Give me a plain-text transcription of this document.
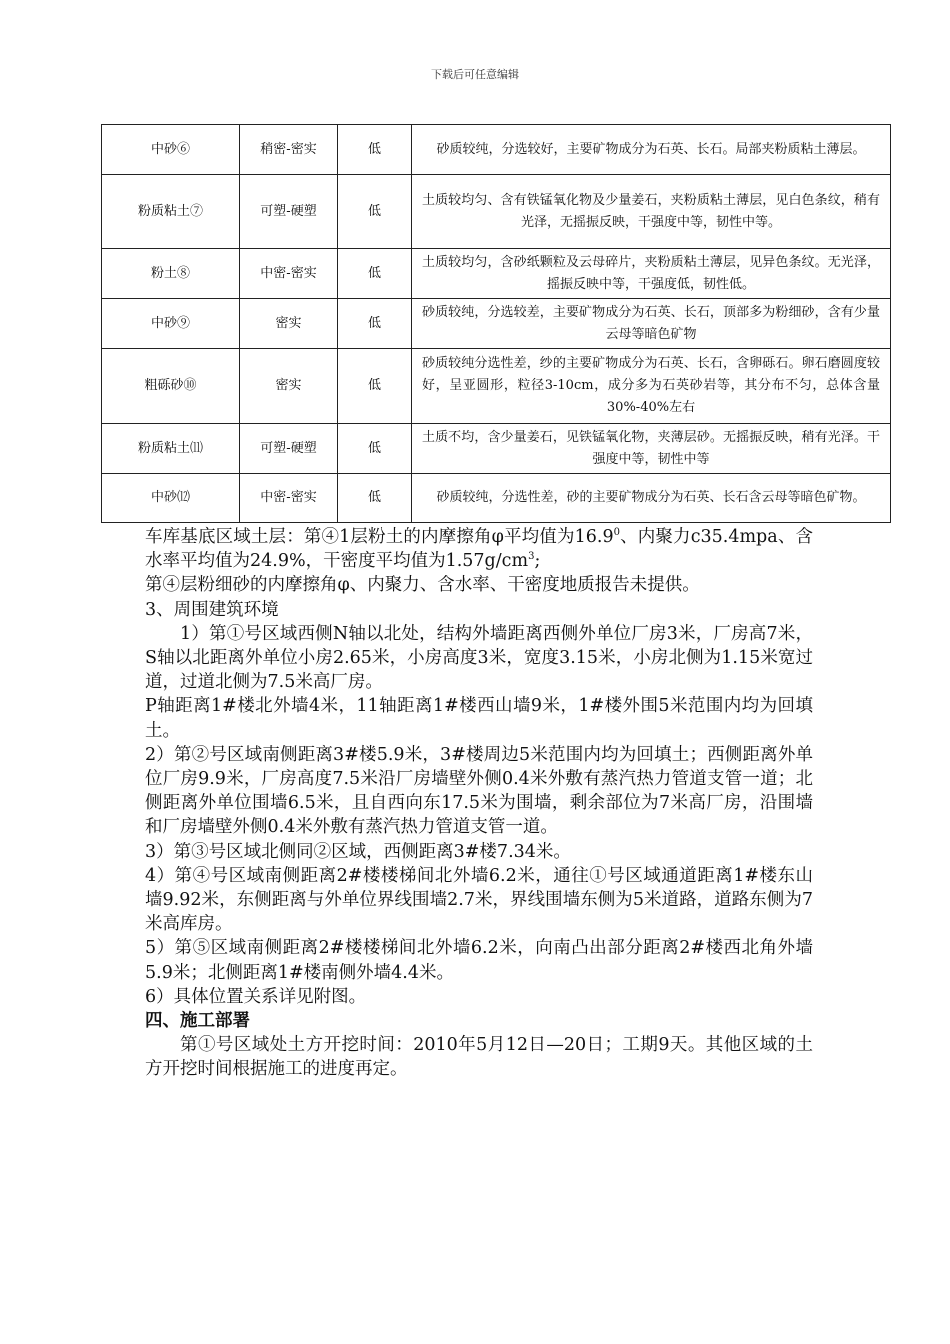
下载后可任意编辑
中砂⑥	稍密-密实	低	砂质较纯，分选较好，主要矿物成分为石英、长石。局部夹粉质粘土薄层。
粉质粘土⑦	可塑-硬塑	低	土质较均匀、含有铁锰氧化物及少量姜石，夹粉质粘土薄层，见白色条纹，稍有光泽，无摇振反映，干强度中等，韧性中等。
粉土⑧	中密-密实	低	土质较均匀，含砂纸颗粒及云母碎片，夹粉质粘土薄层，见异色条纹。无光泽，摇振反映中等，干强度低，韧性低。
中砂⑨	密实	低	砂质较纯，分选较差，主要矿物成分为石英、长石，顶部多为粉细砂，含有少量云母等暗色矿物
粗砾砂⑩	密实	低	砂质较纯分选性差，纱的主要矿物成分为石英、长石，含卵砾石。卵石磨圆度较好，呈亚圆形，粒径3-10cm，成分多为石英砂岩等，其分布不匀，总体含量30%-40%左右
粉质粘土⑾	可塑-硬塑	低	土质不均，含少量姜石，见铁锰氧化物，夹薄层砂。无摇振反映，稍有光泽。干强度中等，韧性中等
中砂⑿	中密-密实	低	砂质较纯，分选性差，砂的主要矿物成分为石英、长石含云母等暗色矿物。

车库基底区域土层：第④1层粉土的内摩擦角φ平均值为16.9$^0$、内聚力c35.4mpa、含水率平均值为24.9%，干密度平均值为$1.57g/cm^3$;

第④层粉细砂的内摩擦角φ、内聚力、含水率、干密度地质报告未提供。

3、周围建筑环境

1）第①号区域西侧N轴以北处，结构外墙距离西侧外单位厂房3米，厂房高7米，S轴以北距离外单位小房2.65米，小房高度3米，宽度3.15米，小房北侧为1.15米宽过道，过道北侧为7.5米高厂房。

P轴距离1#楼北外墙4米，11轴距离1#楼西山墙9米，1#楼外围5米范围内均为回填土。

2）第②号区域南侧距离3#楼5.9米，3#楼周边5米范围内均为回填土；西侧距离外单位厂房9.9米，厂房高度7.5米沿厂房墙壁外侧0.4米外敷有蒸汽热力管道支管一道；北侧距离外单位围墙6.5米，且自西向东17.5米为围墙，剩余部位为7米高厂房，沿围墙和厂房墙壁外侧0.4米外敷有蒸汽热力管道支管一道。

3）第③号区域北侧同②区域，西侧距离3#楼7.34米。

4）第④号区域南侧距离2#楼楼梯间北外墙6.2米，通往①号区域通道距离1#楼东山墙9.92米，东侧距离与外单位界线围墙2.7米，界线围墙东侧为5米道路，道路东侧为7米高库房。

5）第⑤区域南侧距离2#楼楼梯间北外墙6.2米，向南凸出部分距离2#楼西北角外墙5.9米；北侧距离1#楼南侧外墙4.4米。

6）具体位置关系详见附图。

四、施工部署

第①号区域处土方开挖时间：2010年5月12日—20日；工期9天。其他区域的土方开挖时间根据施工的进度再定。
